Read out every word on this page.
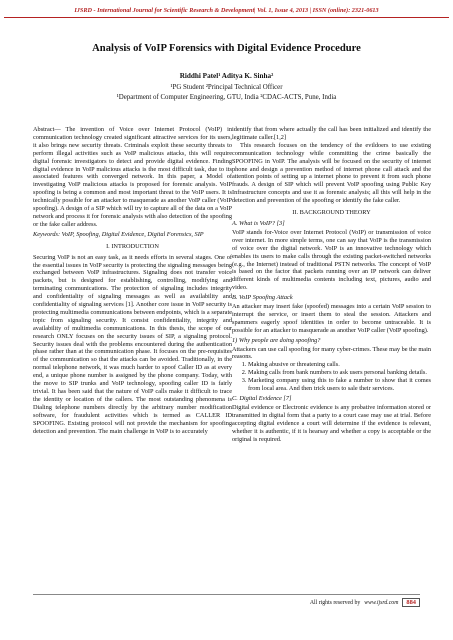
IJSRD - International Journal for Scientific Research & Development| Vol. 1, Issue 4, 2013 | ISSN (online): 2321-0613
Analysis of VoIP Forensics with Digital Evidence Procedure
Riddhi Patel¹ Aditya K. Sinha²
¹PG Student ²Principal Technical Officer
¹Department of Computer Engineering, GTU, India ²CDAC-ACTS, Pune, India

Abstract— The invention of Voice over Internet Protocol (VoIP) in communication technology created significant attractive services for its users, it also brings new security threats. Criminals exploit these security threats to perform illegal activities such as VoIP malicious attacks, this will require digital forensic investigators to detect and provide digital evidence. Finding digital evidence in VoIP malicious attacks is the most difficult task, due to its associated features with converged network. In this paper, a Model of investigating VoIP malicious attacks is proposed for forensic analysis. VoIP spoofing is being a common and most important threat to the VoIP users. It is technically possible for an attacker to masquerade as another VoIP caller (VoIP spoofing). A design of a SIP which will try to capture all of the data on a VoIP network and process it for forensic analysis with also detection of the spoofing or the fake caller address.

Keywords: VoIP, Spoofing, Digital Evidence, Digital Forensics, SIP

I. INTRODUCTION

Securing VoIP is not an easy task, as it needs efforts in several stages. One of the essential issues in VoIP security is protecting the signaling messages being exchanged between VoIP infrastructures. Signaling does not transfer voice packets, but is designed for establishing, controlling, modifying and terminating communications. The protection of signaling includes integrity and confidentiality of signaling messages as well as availability and confidentiality of signaling services [1]. Another core issue in VoIP security is protecting multimedia communications between endpoints, which is a separate topic from signaling security. It consist confidentiality, integrity and availability of multimedia communications. In this thesis, the scope of our research ONLY focuses on the security issues of SIP, a signaling protocol. Security issues deal with the problems encountered during the authentication phase rather than at the communication phase. It focuses on the pre-requisites of the communication so that the attacks can be avoided. Traditionally, in the normal telephone network, it was much harder to spoof Caller ID as at every end, a unique phone number is assigned by the phone company. Today, with the move to SIP trunks and VoIP technology, spoofing caller ID is fairly trivial. It has been said that the nature of VoIP calls make it difficult to trace the identity or location of the callers. The most outstanding phenomena is Dialing telephone numbers directly by the arbitrary number modification software, for fraudulent activities which is termed as CALLER ID SPOOFING. Existing protocol will not provide the mechanism for spoofing detection and prevention. The main challenge in VoIP is to accurately

identify that from where actually the call has been initialized and identify the legitimate caller.[1,2]

This research focuses on the tendency of the evildoers to use existing communication technology while committing the crime basically the SPOOFING in VoIP. The analysis will be focused on the security of internet phone and design a prevention method of internet phone call attack and the attention points of setting up a internet phone to prevent it from such phone frauds. A design of SIP which will prevent VoIP spoofing using Public Key Infrastructure concepts and use it as forensic analysis; all this will help in the detection and prevention of the spoofing or identify the fake caller.

II. BACKGROUND THEORY

A. What is VoIP? [3]

VoIP stands for-Voice over Internet Protocol (VoIP) or transmission of voice over internet. In more simple terms, one can say that VoIP is the transmission of voice over the digital network. VoIP is an innovative technology which enables its users to make calls through the existing packet-switched networks (e.g., the Internet) instead of traditional PSTN networks. The concept of VoIP is based on the factor that packets running over an IP network can deliver different kinds of multimedia contents including text, pictures, audio and video.

B. VoIP Spoofing Attack

An attacker may insert fake (spoofed) messages into a certain VoIP session to interrupt the service, or insert them to steal the session. Attackers and spammers eagerly spoof identities in order to become untraceable. It is possible for an attacker to masquerade as another VoIP caller (VoIP spoofing).

1) Why people are doing spoofing?

Attackers can use call spoofing for many cyber-crimes. These may be the main reasons.

1. Making abusive or threatening calls.
2. Making calls from bank numbers to ask users personal banking details.
3. Marketing company using this to fake a number to show that it comes from local area. And then trick users to sale their services.

C. Digital Evidence [7]

Digital evidence or Electronic evidence is any probative information stored or transmitted in digital form that a party to a court case may use at trial. Before accepting digital evidence a court will determine if the evidence is relevant, whether it is authentic, if it is hearsay and whether a copy is acceptable or the original is required.

All rights reserved by www.ijsrd.com	884
